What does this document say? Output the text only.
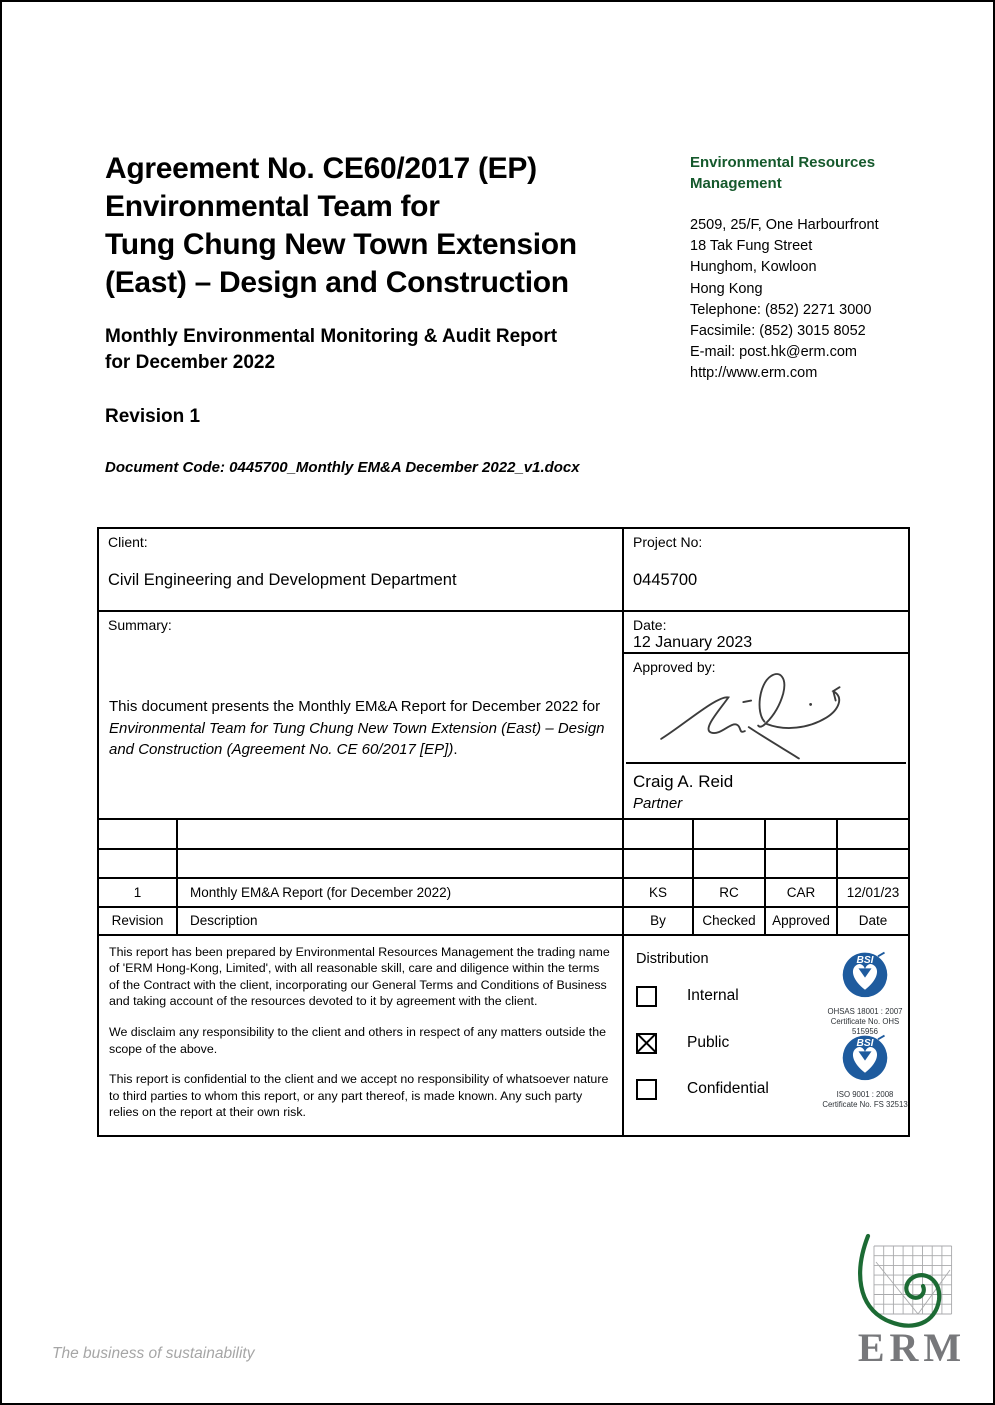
Agreement No. CE60/2017 (EP)
Environmental Team for
Tung Chung New Town Extension
(East) – Design and Construction
Monthly Environmental Monitoring & Audit Report
for December 2022
Revision 1
Document Code: 0445700_Monthly EM&A December 2022_v1.docx
Environmental Resources
Management
2509, 25/F, One Harbourfront
18 Tak Fung Street
Hunghom, Kowloon
Hong Kong
Telephone: (852) 2271 3000
Facsimile: (852) 3015 8052
E-mail: post.hk@erm.com
http://www.erm.com
Client:
Civil Engineering and Development Department
Project No:
0445700
Summary:
This document presents the Monthly EM&A Report for December 2022 for Environmental Team for Tung Chung New Town Extension (East) – Design and Construction (Agreement No. CE 60/2017 [EP]).
Date:
12 January 2023
Approved by:
Craig A. Reid
Partner
1	Monthly EM&A Report (for December 2022)	KS	RC	CAR	12/01/23
Revision	Description	By	Checked	Approved	Date

This report has been prepared by Environmental Resources Management the trading name of 'ERM Hong-Kong, Limited', with all reasonable skill, care and diligence within the terms of the Contract with the client, incorporating our General Terms and Conditions of Business and taking account of the resources devoted to it by agreement with the client.

We disclaim any responsibility to the client and others in respect of any matters outside the scope of the above.

This report is confidential to the client and we accept no responsibility of whatsoever nature to third parties to whom this report, or any part thereof, is made known. Any such party relies on the report at their own risk.

Distribution
Internal
Public
Confidential
BSI
OHSAS 18001 : 2007
Certificate No. OHS 515956
BSI
ISO 9001 : 2008
Certificate No. FS 32513
The business of sustainability	ERM
